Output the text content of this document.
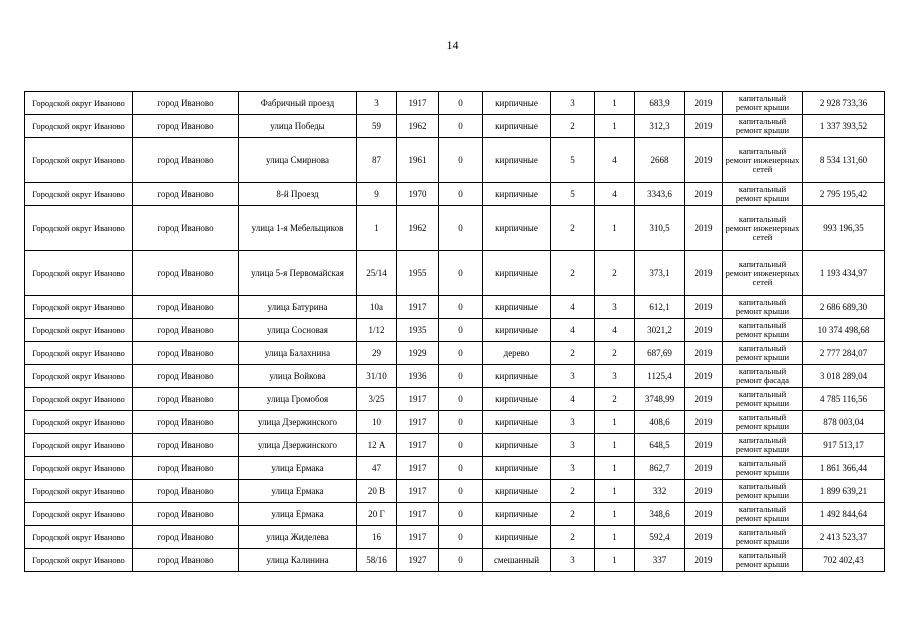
14
Городской округ Иваново	город Иваново	Фабричный проезд	3	1917	0	кирпичные	3	1	683,9	2019	капитальный ремонт крыши	2 928 733,36
Городской округ Иваново	город Иваново	улица Победы	59	1962	0	кирпичные	2	1	312,3	2019	капитальный ремонт крыши	1 337 393,52
Городской округ Иваново	город Иваново	улица Смирнова	87	1961	0	кирпичные	5	4	2668	2019	капитальный ремонт инженерных сетей	8 534 131,60
Городской округ Иваново	город Иваново	8-й Проезд	9	1970	0	кирпичные	5	4	3343,6	2019	капитальный ремонт крыши	2 795 195,42
Городской округ Иваново	город Иваново	улица 1-я Мебельщиков	1	1962	0	кирпичные	2	1	310,5	2019	капитальный ремонт инженерных сетей	993 196,35
Городской округ Иваново	город Иваново	улица 5-я Первомайская	25/14	1955	0	кирпичные	2	2	373,1	2019	капитальный ремонт инженерных сетей	1 193 434,97
Городской округ Иваново	город Иваново	улица Батурина	10а	1917	0	кирпичные	4	3	612,1	2019	капитальный ремонт крыши	2 686 689,30
Городской округ Иваново	город Иваново	улица Сосновая	1/12	1935	0	кирпичные	4	4	3021,2	2019	капитальный ремонт крыши	10 374 498,68
Городской округ Иваново	город Иваново	улица Балахнина	29	1929	0	дерево	2	2	687,69	2019	капитальный ремонт крыши	2 777 284,07
Городской округ Иваново	город Иваново	улица Войкова	31/10	1936	0	кирпичные	3	3	1125,4	2019	капитальный ремонт фасада	3 018 289,04
Городской округ Иваново	город Иваново	улица Громобоя	3/25	1917	0	кирпичные	4	2	3748,99	2019	капитальный ремонт крыши	4 785 116,56
Городской округ Иваново	город Иваново	улица Дзержинского	10	1917	0	кирпичные	3	1	408,6	2019	капитальный ремонт крыши	878 003,04
Городской округ Иваново	город Иваново	улица Дзержинского	12 А	1917	0	кирпичные	3	1	648,5	2019	капитальный ремонт крыши	917 513,17
Городской округ Иваново	город Иваново	улица Ермака	47	1917	0	кирпичные	3	1	862,7	2019	капитальный ремонт крыши	1 861 366,44
Городской округ Иваново	город Иваново	улица Ермака	20 В	1917	0	кирпичные	2	1	332	2019	капитальный ремонт крыши	1 899 639,21
Городской округ Иваново	город Иваново	улица Ермака	20 Г	1917	0	кирпичные	2	1	348,6	2019	капитальный ремонт крыши	1 492 844,64
Городской округ Иваново	город Иваново	улица Жиделева	16	1917	0	кирпичные	2	1	592,4	2019	капитальный ремонт крыши	2 413 523,37
Городской округ Иваново	город Иваново	улица Калинина	58/16	1927	0	смешанный	3	1	337	2019	капитальный ремонт крыши	702 402,43
